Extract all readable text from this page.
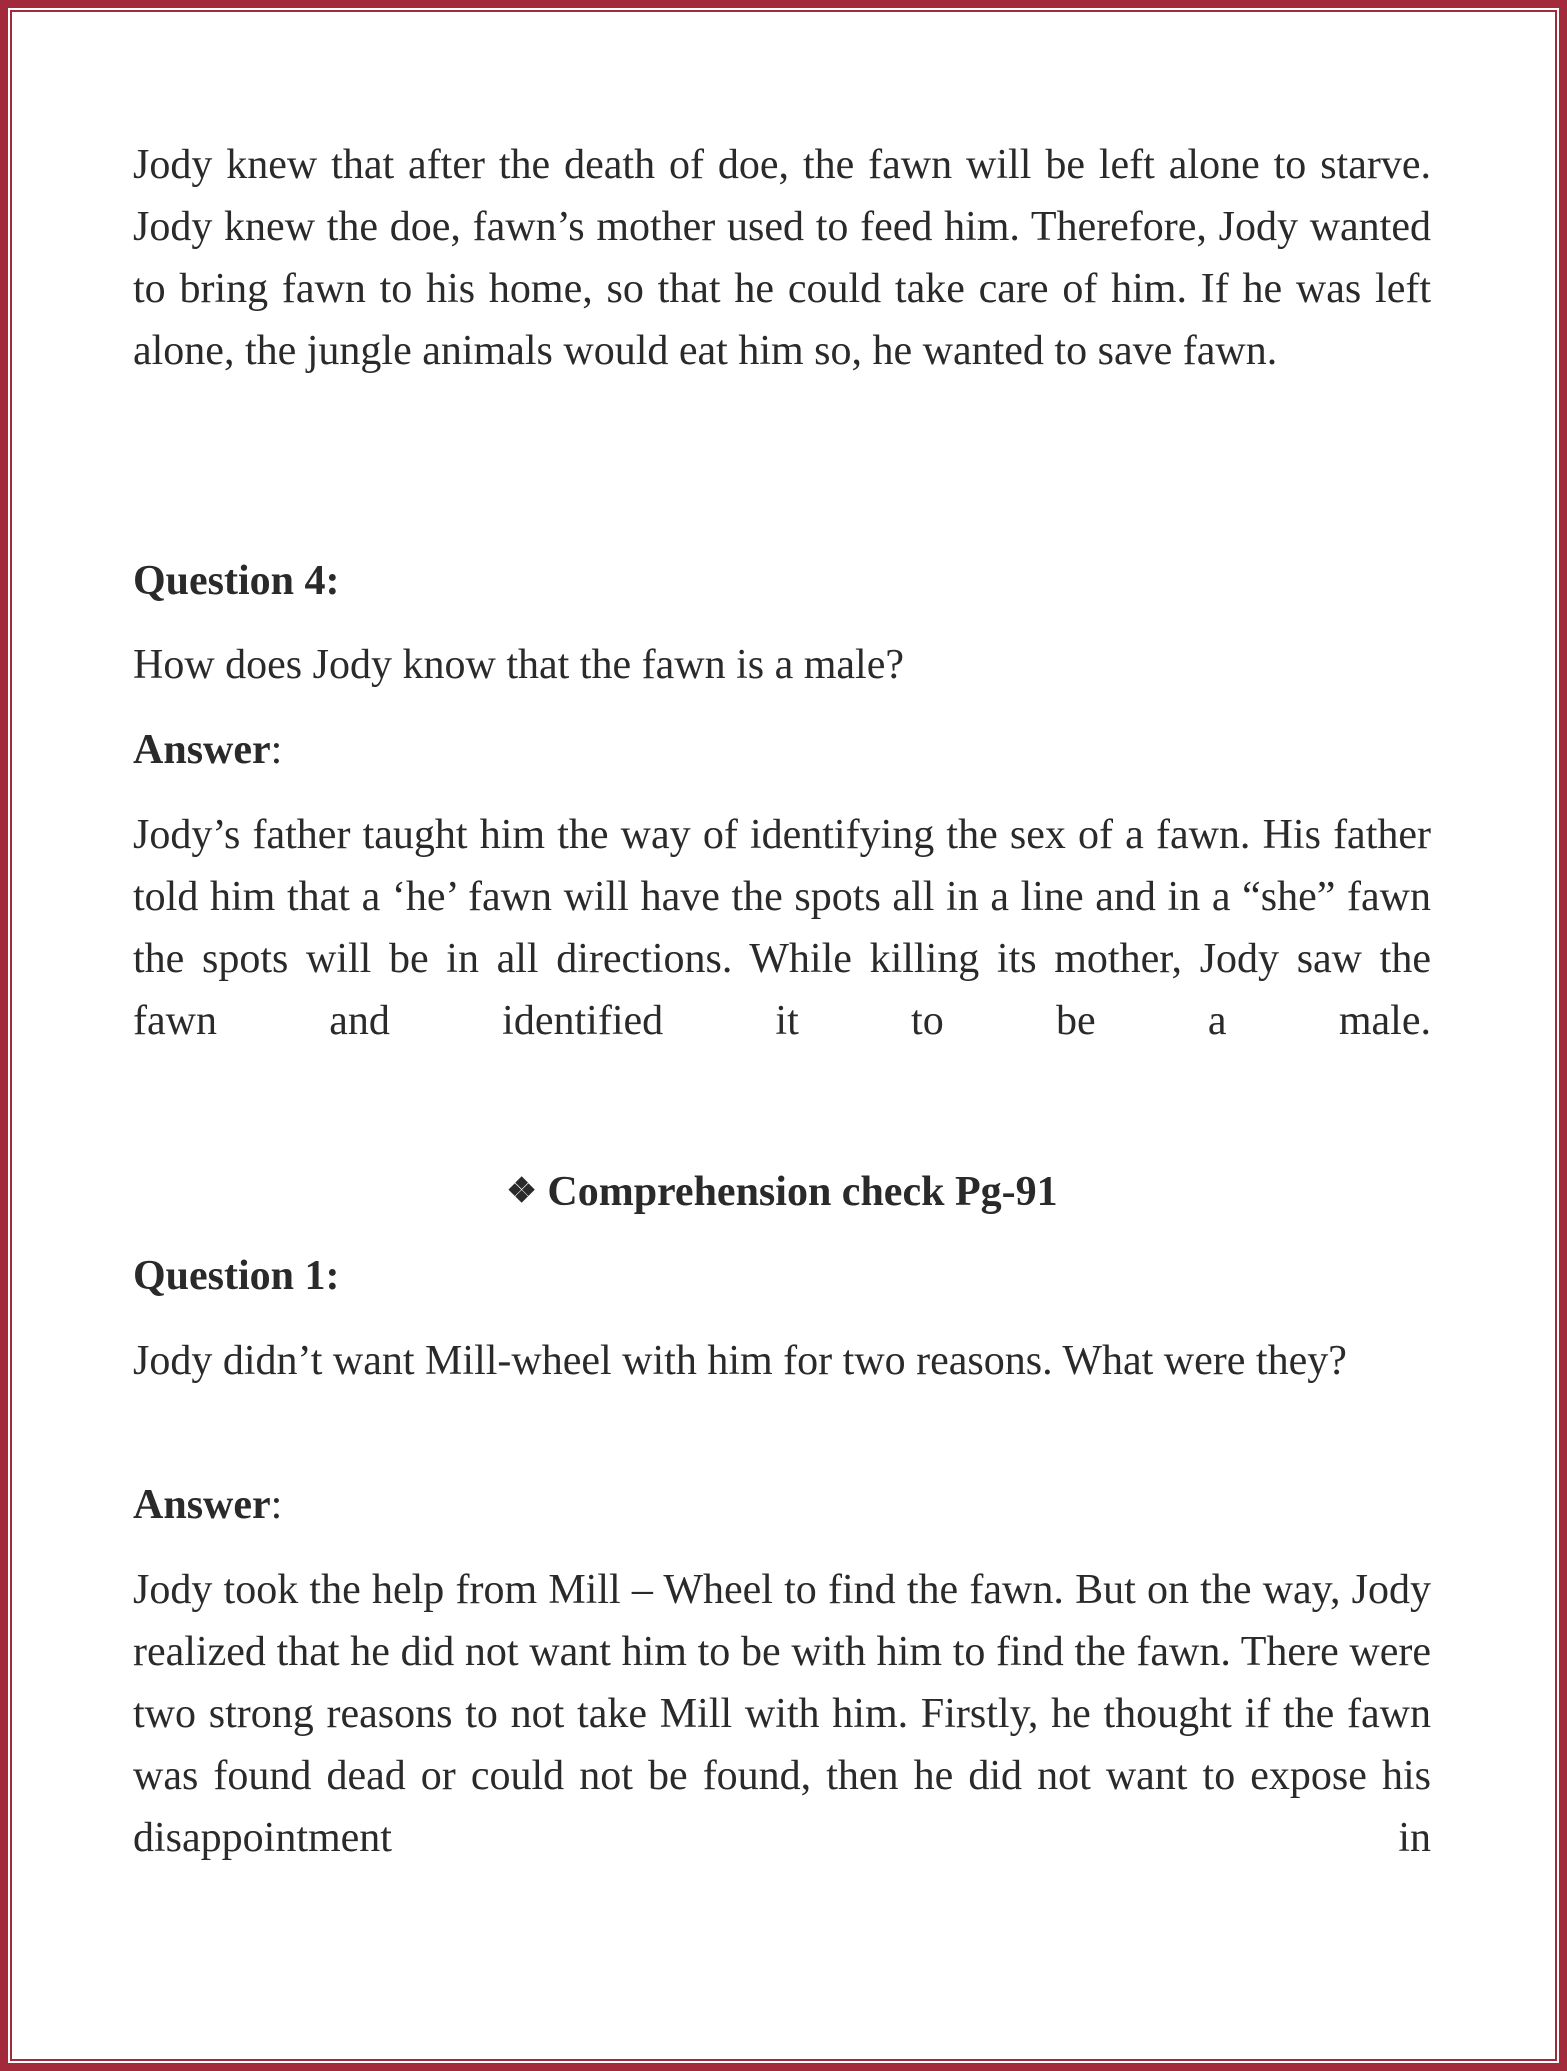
Jody knew that after the death of doe, the fawn will be left alone to starve. Jody knew the doe, fawn’s mother used to feed him. Therefore, Jody wanted to bring fawn to his home, so that he could take care of him. If he was left alone, the jungle animals would eat him so, he wanted to save fawn.

Question 4:

How does Jody know that the fawn is a male?

Answer:

Jody’s father taught him the way of identifying the sex of a fawn. His father told him that a ‘he’ fawn will have the spots all in a line and in a “she” fawn the spots will be in all directions. While killing its mother, Jody saw the fawn and identified it to be a male.

❖ Comprehension check Pg-91

Question 1:

Jody didn’t want Mill-wheel with him for two reasons. What were they?

Answer:

Jody took the help from Mill – Wheel to find the fawn. But on the way, Jody realized that he did not want him to be with him to find the fawn. There were two strong reasons to not take Mill with him. Firstly, he thought if the fawn was found dead or could not be found, then he did not want to expose his disappointment in
